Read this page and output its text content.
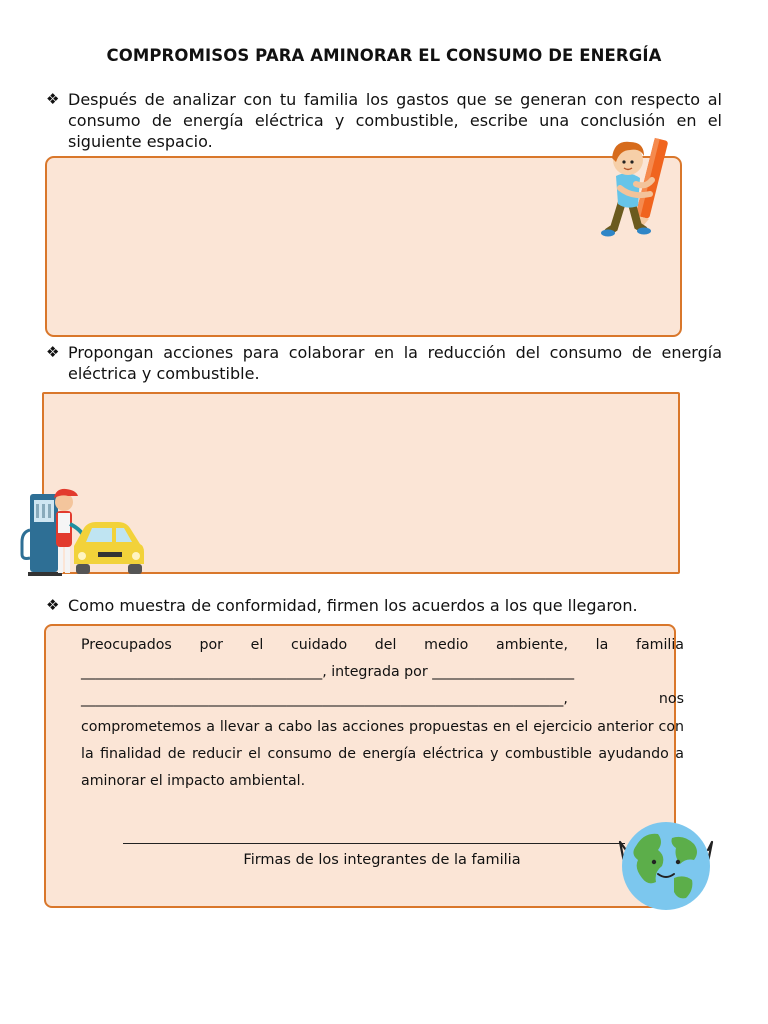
COMPROMISOS PARA AMINORAR EL CONSUMO DE ENERGÍA
❖ Después de analizar con tu familia los gastos que se generan con respecto al consumo de energía eléctrica y combustible, escribe una conclusión en el siguiente espacio.
❖ Propongan acciones para colaborar en la reducción del consumo de energía eléctrica y combustible.
❖ Como muestra de conformidad, firmen los acuerdos a los que llegaron.

Preocupados por el cuidado del medio ambiente, la familia

__________________________________, integrada por ____________________

____________________________________________________________________, nos comprometemos a llevar a cabo las acciones propuestas en el ejercicio anterior con la finalidad de reducir el consumo de energía eléctrica y combustible ayudando a aminorar el impacto ambiental.

Firmas de los integrantes de la familia
